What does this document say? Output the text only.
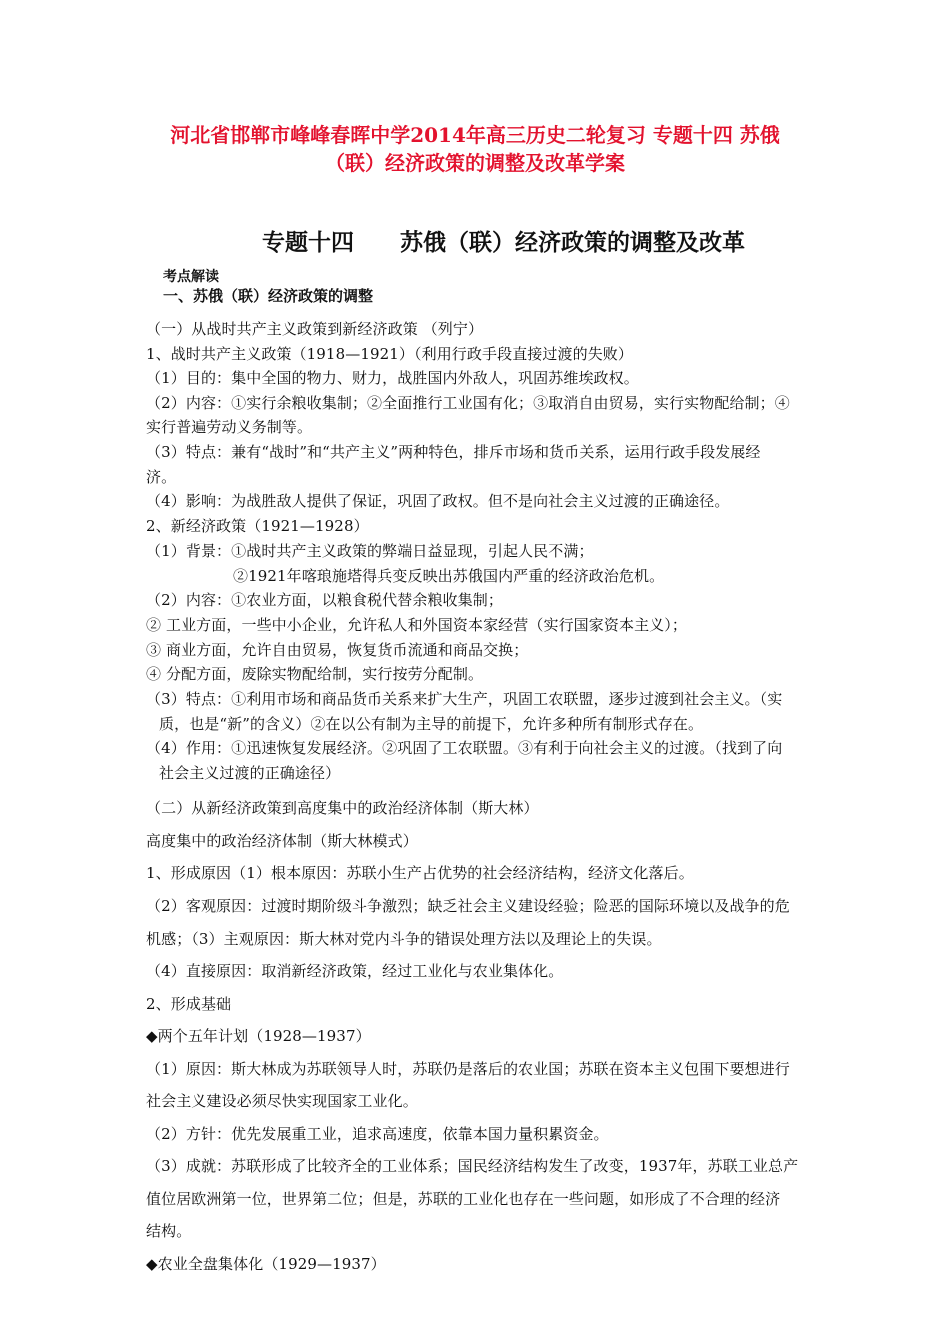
河北省邯郸市峰峰春晖中学2014年高三历史二轮复习 专题十四 苏俄
（联）经济政策的调整及改革学案
专题十四 苏俄（联）经济政策的调整及改革
考点解读
一、苏俄（联）经济政策的调整
（一）从战时共产主义政策到新经济政策 （列宁）
1、战时共产主义政策（1918—1921）（利用行政手段直接过渡的失败）
（1）目的：集中全国的物力、财力，战胜国内外敌人，巩固苏维埃政权。
（2）内容：①实行余粮收集制；②全面推行工业国有化；③取消自由贸易，实行实物配给制；④
实行普遍劳动义务制等。
（3）特点：兼有“战时”和“共产主义”两种特色，排斥市场和货币关系，运用行政手段发展经
济。
（4）影响：为战胜敌人提供了保证，巩固了政权。但不是向社会主义过渡的正确途径。
2、新经济政策（1921—1928）
（1）背景：①战时共产主义政策的弊端日益显现，引起人民不满；
②1921年喀琅施塔得兵变反映出苏俄国内严重的经济政治危机。
（2）内容：①农业方面，以粮食税代替余粮收集制；
② 工业方面，一些中小企业，允许私人和外国资本家经营（实行国家资本主义）；
③ 商业方面，允许自由贸易，恢复货币流通和商品交换；
④ 分配方面，废除实物配给制，实行按劳分配制。
（3）特点：①利用市场和商品货币关系来扩大生产，巩固工农联盟，逐步过渡到社会主义。（实
质，也是“新”的含义）②在以公有制为主导的前提下，允许多种所有制形式存在。
（4）作用：①迅速恢复发展经济。②巩固了工农联盟。③有利于向社会主义的过渡。（找到了向
社会主义过渡的正确途径）
（二）从新经济政策到高度集中的政治经济体制（斯大林）
高度集中的政治经济体制（斯大林模式）
1、形成原因（1）根本原因：苏联小生产占优势的社会经济结构，经济文化落后。
（2）客观原因：过渡时期阶级斗争激烈；缺乏社会主义建设经验；险恶的国际环境以及战争的危
机感；（3）主观原因：斯大林对党内斗争的错误处理方法以及理论上的失误。
（4）直接原因：取消新经济政策，经过工业化与农业集体化。
2、形成基础
◆两个五年计划（1928—1937）
（1）原因：斯大林成为苏联领导人时，苏联仍是落后的农业国；苏联在资本主义包围下要想进行
社会主义建设必须尽快实现国家工业化。
（2）方针：优先发展重工业，追求高速度，依靠本国力量积累资金。
（3）成就：苏联形成了比较齐全的工业体系；国民经济结构发生了改变，1937年，苏联工业总产
值位居欧洲第一位，世界第二位；但是，苏联的工业化也存在一些问题，如形成了不合理的经济
结构。
◆农业全盘集体化（1929—1937）
